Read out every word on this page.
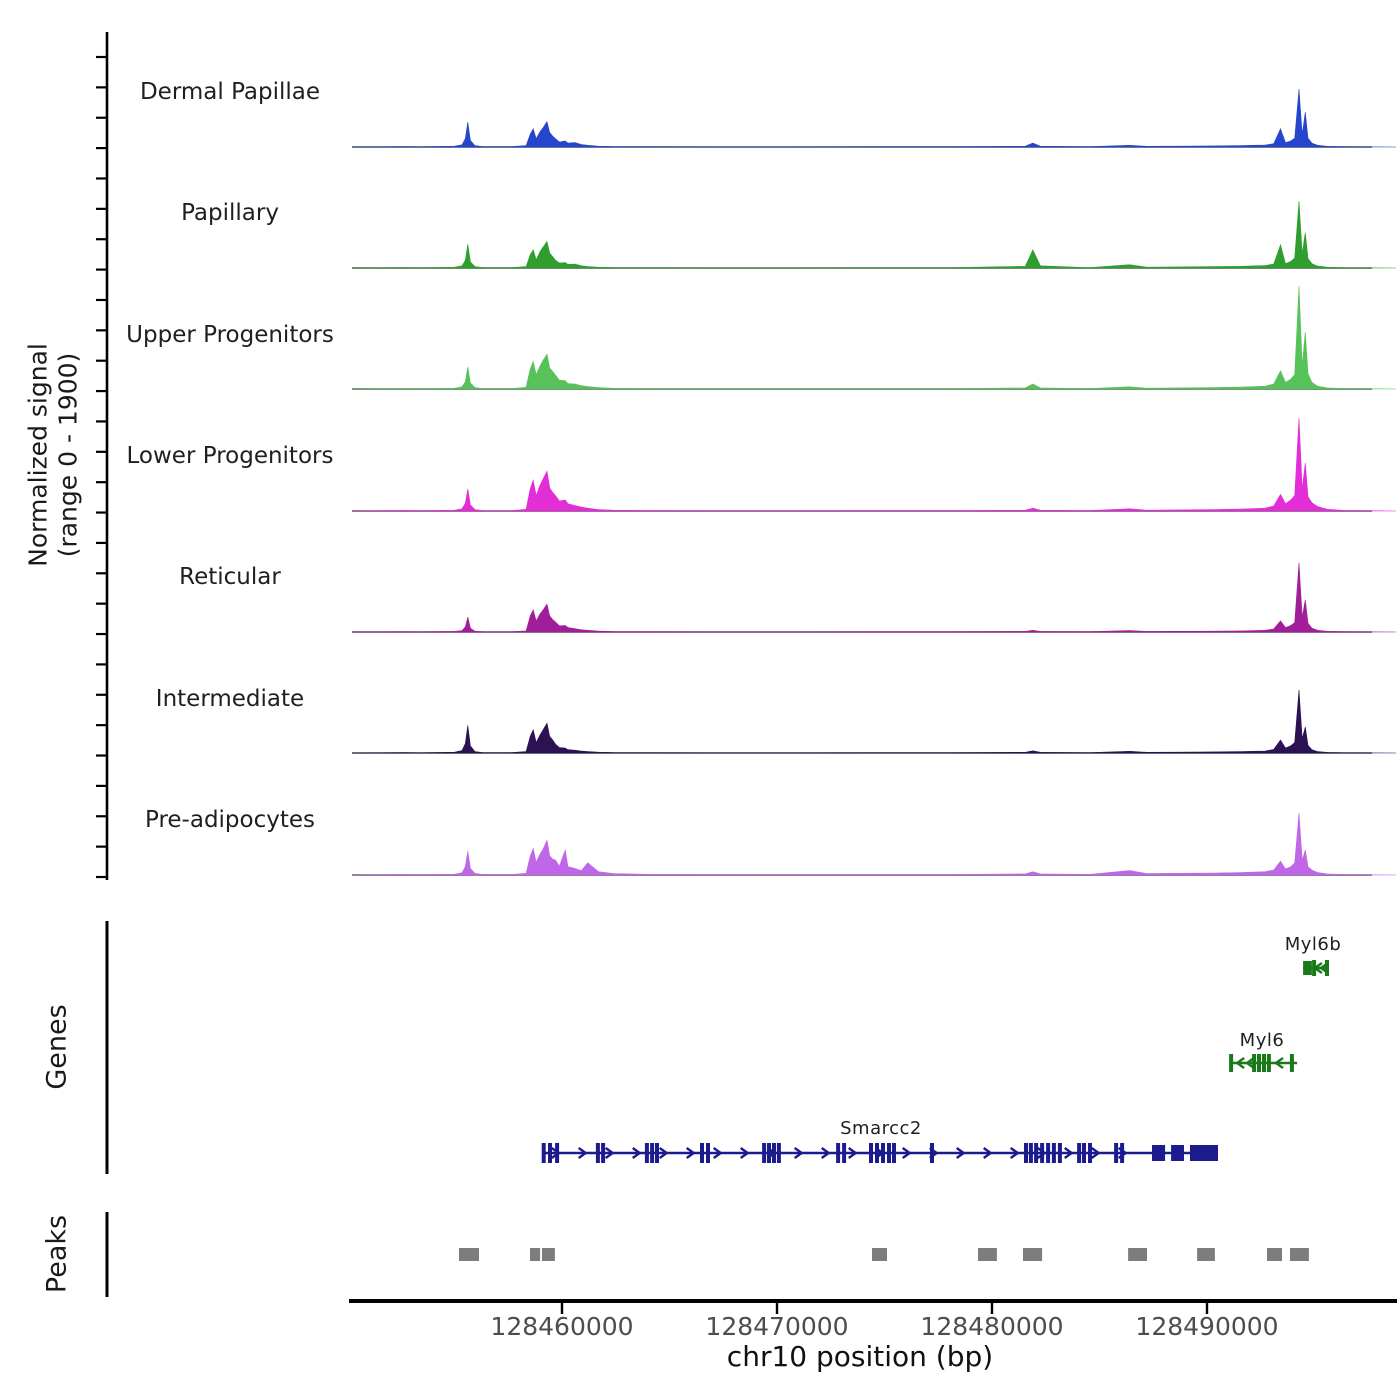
Normalized signal (range 0 - 1900)
Genes
Peaks
Dermal Papillae
Papillary
Upper Progenitors
Lower Progenitors
Reticular
Intermediate
Pre-adipocytes
Myl6b
Myl6
Smarcc2
128460000	128470000	128480000	128490000
chr10 position (bp)
